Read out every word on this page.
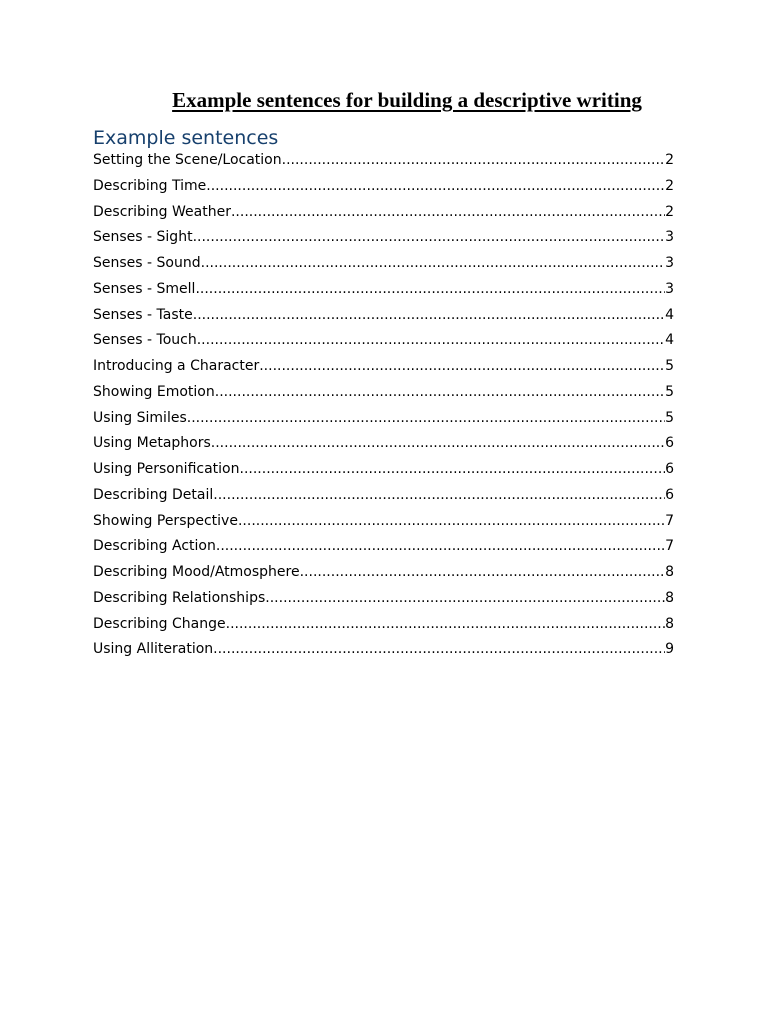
Example sentences for building a descriptive writing
Example sentences
Setting the Scene/Location .....	2
Describing Time .....	2
Describing Weather .....	2
Senses - Sight .....	3
Senses - Sound .....	3
Senses - Smell .....	3
Senses - Taste .....	4
Senses - Touch .....	4
Introducing a Character .....	5
Showing Emotion .....	5
Using Similes .....	5
Using Metaphors .....	6
Using Personification .....	6
Describing Detail .....	6
Showing Perspective .....	7
Describing Action .....	7
Describing Mood/Atmosphere .....	8
Describing Relationships .....	8
Describing Change .....	8
Using Alliteration .....	9
